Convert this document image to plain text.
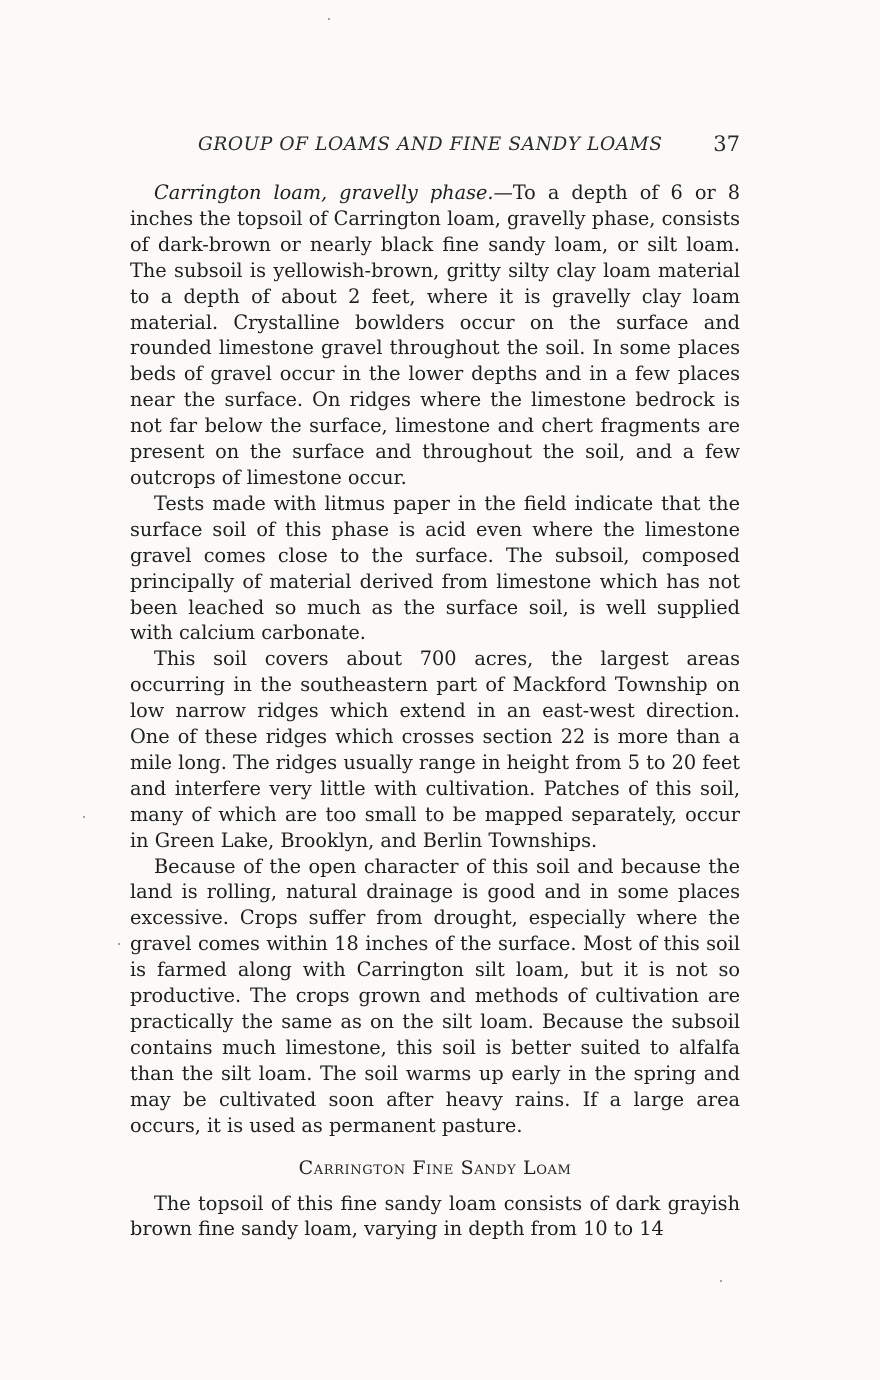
GROUP OF LOAMS AND FINE SANDY LOAMS 37

Carrington loam, gravelly phase.—To a depth of 6 or 8 inches the topsoil of Carrington loam, gravelly phase, consists of dark-brown or nearly black fine sandy loam, or silt loam. The subsoil is yellowish-brown, gritty silty clay loam material to a depth of about 2 feet, where it is gravelly clay loam material. Crystalline bowlders occur on the surface and rounded limestone gravel throughout the soil. In some places beds of gravel occur in the lower depths and in a few places near the surface. On ridges where the limestone bedrock is not far below the surface, limestone and chert fragments are present on the surface and throughout the soil, and a few outcrops of limestone occur.

Tests made with litmus paper in the field indicate that the surface soil of this phase is acid even where the limestone gravel comes close to the surface. The subsoil, composed principally of material derived from limestone which has not been leached so much as the surface soil, is well supplied with calcium carbonate.

This soil covers about 700 acres, the largest areas occurring in the southeastern part of Mackford Township on low narrow ridges which extend in an east-west direction. One of these ridges which crosses section 22 is more than a mile long. The ridges usually range in height from 5 to 20 feet and interfere very little with cultivation. Patches of this soil, many of which are too small to be mapped separately, occur in Green Lake, Brooklyn, and Berlin Townships.

Because of the open character of this soil and because the land is rolling, natural drainage is good and in some places excessive. Crops suffer from drought, especially where the gravel comes within 18 inches of the surface. Most of this soil is farmed along with Carrington silt loam, but it is not so productive. The crops grown and methods of cultivation are practically the same as on the silt loam. Because the subsoil contains much limestone, this soil is better suited to alfalfa than the silt loam. The soil warms up early in the spring and may be cultivated soon after heavy rains. If a large area occurs, it is used as permanent pasture.

Carrington Fine Sandy Loam

The topsoil of this fine sandy loam consists of dark grayish brown fine sandy loam, varying in depth from 10 to 14
